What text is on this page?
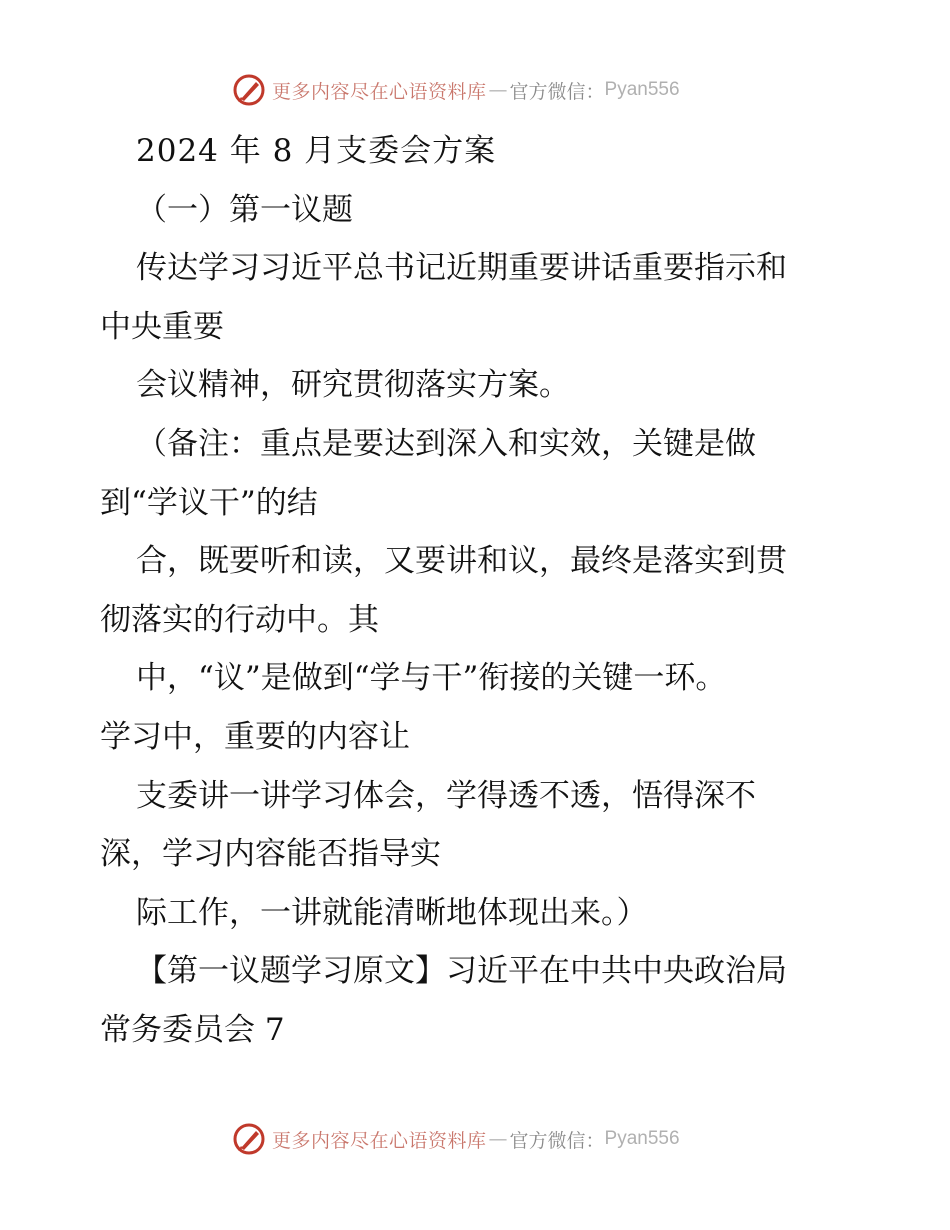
更多内容尽在心语资料库 — 官方微信： Pyan556
2024 年 8 月支委会方案
（一）第一议题
传达学习习近平总书记近期重要讲话重要指示和
中央重要
会议精神，研究贯彻落实方案。
（备注：重点是要达到深入和实效，关键是做
到“学议干”的结
合，既要听和读，又要讲和议，最终是落实到贯
彻落实的行动中。其
中，“议”是做到“学与干”衔接的关键一环。
学习中，重要的内容让
支委讲一讲学习体会，学得透不透，悟得深不
深，学习内容能否指导实
际工作，一讲就能清晰地体现出来。）
【第一议题学习原文】习近平在中共中央政治局
常务委员会 7
更多内容尽在心语资料库 — 官方微信： Pyan556
